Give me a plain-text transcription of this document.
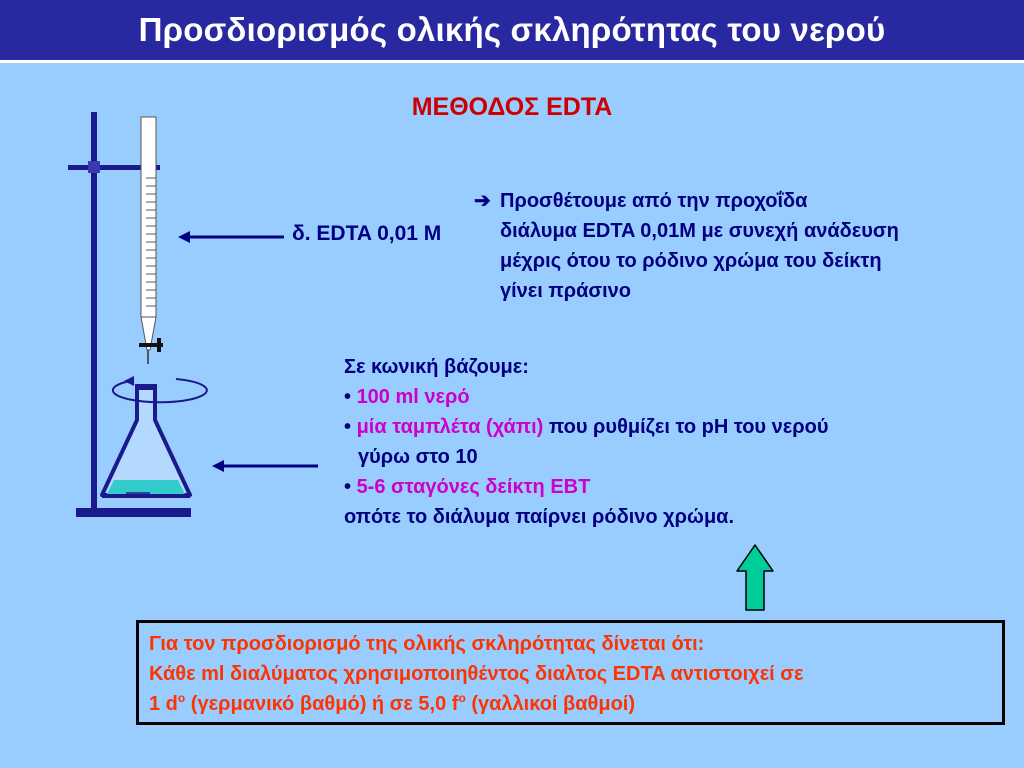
Προσδιορισμός ολικής σκληρότητας του νερού
ΜΕΘΟΔΟΣ EDTA
δ. EDTA 0,01 M
➔ Προσθέτουμε από την προχοΐδα
διάλυμα EDTA 0,01M με συνεχή ανάδευση
μέχρις ότου το ρόδινο χρώμα του δείκτη
γίνει πράσινο
Σε κωνική βάζουμε:
• 100 ml νερό
• μία ταμπλέτα (χάπι) που ρυθμίζει το pH του νερού
γύρω στο 10
• 5-6 σταγόνες δείκτη EBT
οπότε το διάλυμα παίρνει ρόδινο χρώμα.
Για τον προσδιορισμό της ολικής σκληρότητας δίνεται ότι:
Κάθε ml διαλύματος χρησιμοποιηθέντος διαλτος EDTA αντιστοιχεί σε
1 $d^o$ (γερμανικό βαθμό) ή σε 5,0 $f^o$ (γαλλικοί βαθμοί)
